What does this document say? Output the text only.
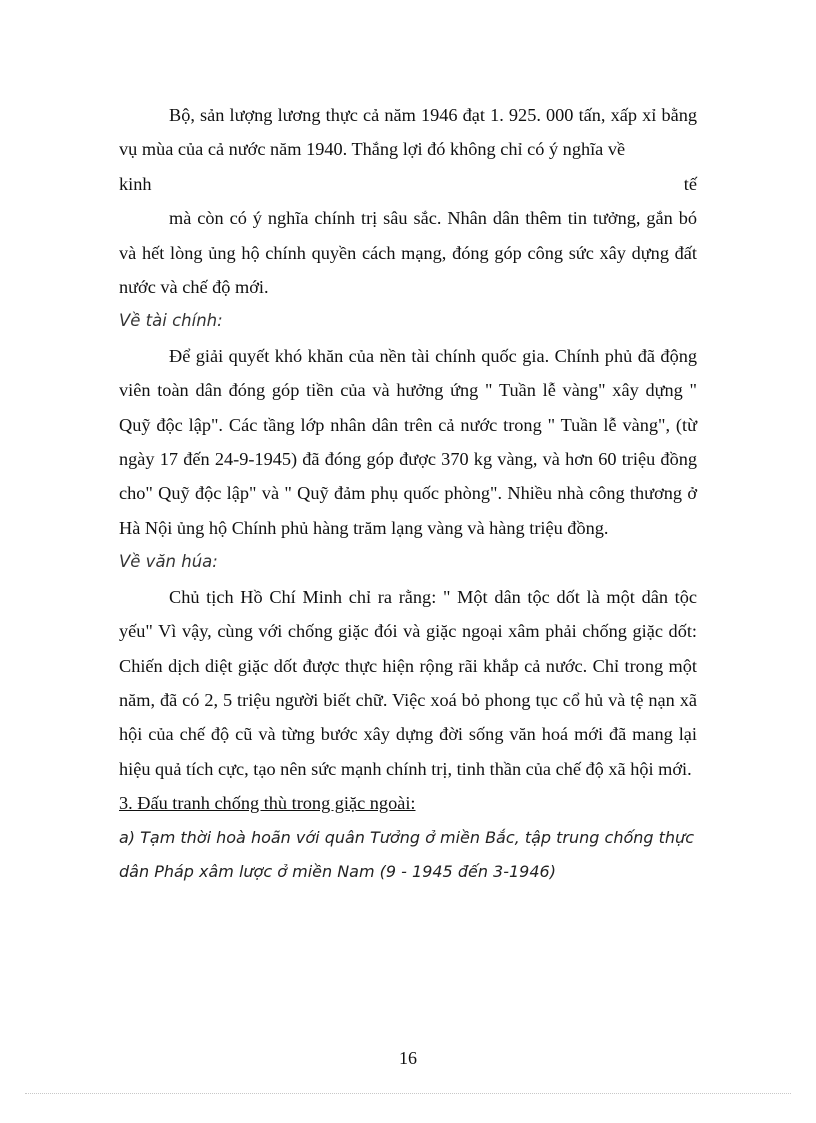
Bộ, sản lượng lương thực cả năm 1946 đạt 1. 925. 000 tấn, xấp xỉ bằng vụ mùa của cả nước năm 1940. Thắng lợi đó không chỉ có ý nghĩa về

kinh	tế

mà còn có ý nghĩa chính trị sâu sắc. Nhân dân thêm tin tưởng, gắn bó và hết lòng ủng hộ chính quyền cách mạng, đóng góp công sức xây dựng đất nước và chế độ mới.

Về tài chính:

Để giải quyết khó khăn của nền tài chính quốc gia. Chính phủ đã động viên toàn dân đóng góp tiền của và hưởng ứng " Tuần lễ vàng" xây dựng " Quỹ độc lập". Các tầng lớp nhân dân trên cả nước trong " Tuần lễ vàng", (từ ngày 17 đến 24-9-1945) đã đóng góp được 370 kg vàng, và hơn 60 triệu đồng cho" Quỹ độc lập" và " Quỹ đảm phụ quốc phòng". Nhiều nhà công thương ở Hà Nội ủng hộ Chính phủ hàng trăm lạng vàng và hàng triệu đồng.

Về văn húa:

Chủ tịch Hồ Chí Minh chỉ ra rằng: " Một dân tộc dốt là một dân tộc yếu" Vì vậy, cùng với chống giặc đói và giặc ngoại xâm phải chống giặc dốt: Chiến dịch diệt giặc dốt được thực hiện rộng rãi khắp cả nước. Chỉ trong một năm, đã có 2, 5 triệu người biết chữ. Việc xoá bỏ phong tục cổ hủ và tệ nạn xã hội của chế độ cũ và từng bước xây dựng đời sống văn hoá mới đã mang lại hiệu quả tích cực, tạo nên sức mạnh chính trị, tinh thần của chế độ xã hội mới.

3. Đấu tranh chống thù trong giặc ngoài:

a) Tạm thời hoà hoãn với quân Tưởng ở miền Bắc, tập trung chống thực dân Pháp xâm lược ở miền Nam (9 - 1945 đến 3-1946)

16
